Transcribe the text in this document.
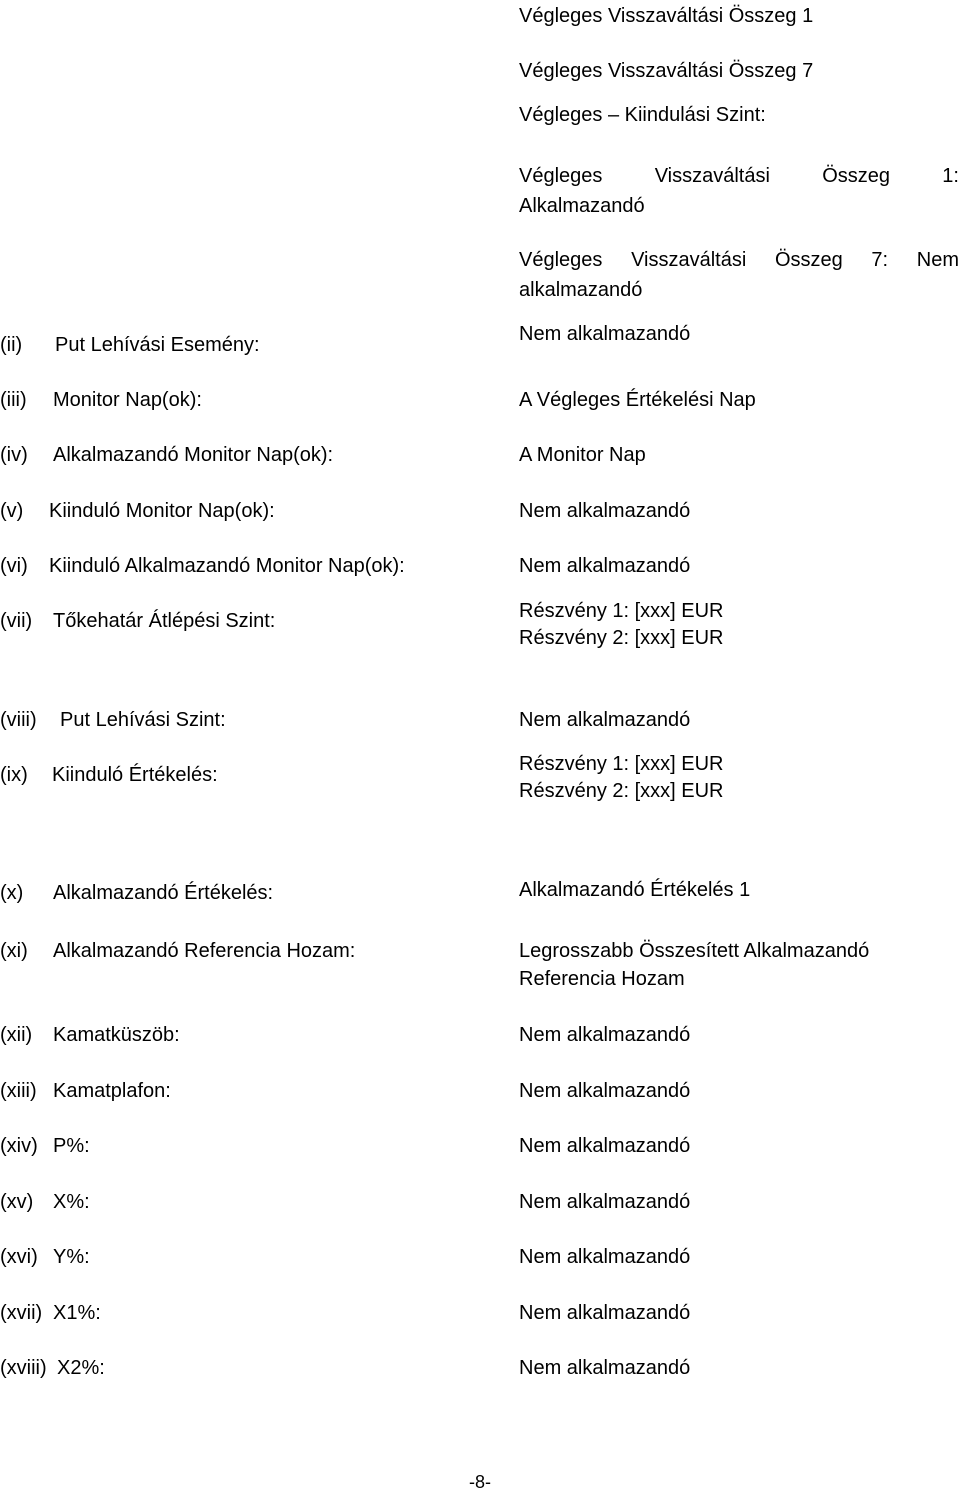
Végleges Visszaváltási Összeg 1
Végleges Visszaváltási Összeg 7
Végleges – Kiindulási Szint:
Végleges	Visszaváltási	Összeg	1:
Alkalmazandó
Végleges Visszaváltási Összeg 7: Nem
alkalmazandó
(ii) Put Lehívási Esemény:	Nem alkalmazandó
(iii) Monitor Nap(ok):	A Végleges Értékelési Nap
(iv) Alkalmazandó Monitor Nap(ok):	A Monitor Nap
(v) Kiinduló Monitor Nap(ok):	Nem alkalmazandó
(vi) Kiinduló Alkalmazandó Monitor Nap(ok):	Nem alkalmazandó
(vii) Tőkehatár Átlépési Szint:	Részvény 1: [xxx] EUR
Részvény 2: [xxx] EUR
(viii) Put Lehívási Szint:	Nem alkalmazandó
(ix) Kiinduló Értékelés:	Részvény 1: [xxx] EUR
Részvény 2: [xxx] EUR
(x) Alkalmazandó Értékelés:	Alkalmazandó Értékelés 1
(xi) Alkalmazandó Referencia Hozam:	Legrosszabb Összesített Alkalmazandó
Referencia Hozam
(xii) Kamatküszöb:	Nem alkalmazandó
(xiii) Kamatplafon:	Nem alkalmazandó
(xiv) P%:	Nem alkalmazandó
(xv) X%:	Nem alkalmazandó
(xvi) Y%:	Nem alkalmazandó
(xvii) X1%:	Nem alkalmazandó
(xviii) X2%:	Nem alkalmazandó
-8-
